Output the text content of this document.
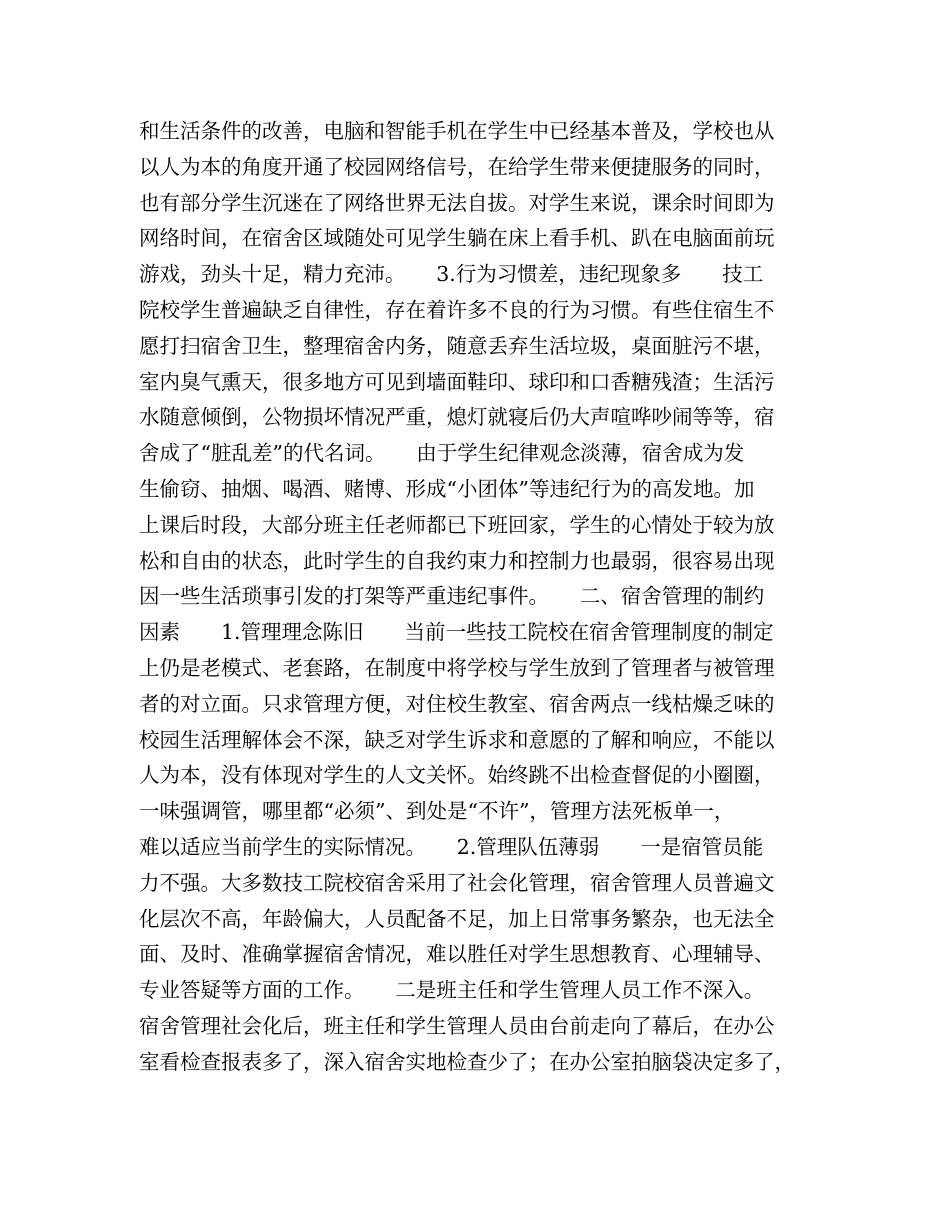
和生活条件的改善，电脑和智能手机在学生中已经基本普及，学校也从
以人为本的角度开通了校园网络信号，在给学生带来便捷服务的同时，
也有部分学生沉迷在了网络世界无法自拔。对学生来说，课余时间即为
网络时间，在宿舍区域随处可见学生躺在床上看手机、趴在电脑面前玩
游戏，劲头十足，精力充沛。　　3.行为习惯差，违纪现象多　　技工
院校学生普遍缺乏自律性，存在着许多不良的行为习惯。有些住宿生不
愿打扫宿舍卫生，整理宿舍内务，随意丢弃生活垃圾，桌面脏污不堪，
室内臭气熏天，很多地方可见到墙面鞋印、球印和口香糖残渣；生活污
水随意倾倒，公物损坏情况严重，熄灯就寝后仍大声喧哗吵闹等等，宿
舍成了“脏乱差”的代名词。　　由于学生纪律观念淡薄，宿舍成为发
生偷窃、抽烟、喝酒、赌博、形成“小团体”等违纪行为的高发地。加
上课后时段，大部分班主任老师都已下班回家，学生的心情处于较为放
松和自由的状态，此时学生的自我约束力和控制力也最弱，很容易出现
因一些生活琐事引发的打架等严重违纪事件。　　二、宿舍管理的制约
因素　　1.管理理念陈旧　　当前一些技工院校在宿舍管理制度的制定
上仍是老模式、老套路，在制度中将学校与学生放到了管理者与被管理
者的对立面。只求管理方便，对住校生教室、宿舍两点一线枯燥乏味的
校园生活理解体会不深，缺乏对学生诉求和意愿的了解和响应，不能以
人为本，没有体现对学生的人文关怀。始终跳不出检查督促的小圈圈，
一味强调管，哪里都“必须”、到处是“不许”，管理方法死板单一，
难以适应当前学生的实际情况。　　2.管理队伍薄弱　　一是宿管员能
力不强。大多数技工院校宿舍采用了社会化管理，宿舍管理人员普遍文
化层次不高，年龄偏大，人员配备不足，加上日常事务繁杂，也无法全
面、及时、准确掌握宿舍情况，难以胜任对学生思想教育、心理辅导、
专业答疑等方面的工作。　　二是班主任和学生管理人员工作不深入。
宿舍管理社会化后，班主任和学生管理人员由台前走向了幕后，在办公
室看检查报表多了，深入宿舍实地检查少了；在办公室拍脑袋决定多了，
